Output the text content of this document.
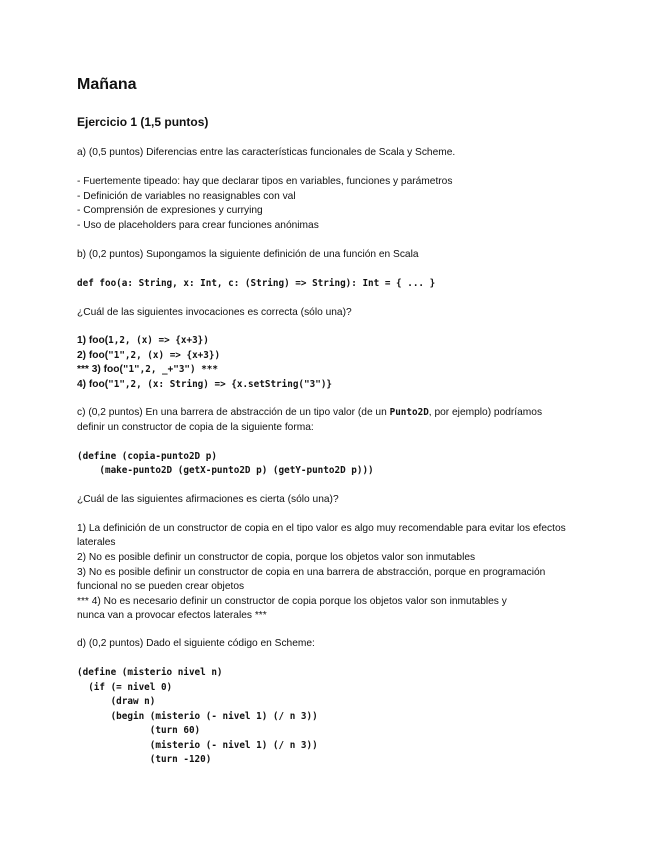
Mañana
Ejercicio 1 (1,5 puntos)
a) (0,5 puntos) Diferencias entre las características funcionales de Scala y Scheme.
- Fuertemente tipeado: hay que declarar tipos en variables, funciones y parámetros
- Definición de variables no reasignables con val
- Comprensión de expresiones y currying
- Uso de placeholders para crear funciones anónimas
b) (0,2 puntos) Supongamos la siguiente definición de una función en Scala
def foo(a: String, x: Int, c: (String) => String): Int = { ... }
¿Cuál de las siguientes invocaciones es correcta (sólo una)?
1) foo(1,2, (x) => {x+3})
2) foo("1",2, (x) => {x+3})
*** 3) foo("1",2, _+"3") ***
4) foo("1",2, (x: String) => {x.setString("3")}
c) (0,2 puntos) En una barrera de abstracción de un tipo valor (de un Punto2D, por ejemplo) podríamos
definir un constructor de copia de la siguiente forma:
(define (copia-punto2D p)
(make-punto2D (getX-punto2D p) (getY-punto2D p)))
¿Cuál de las siguientes afirmaciones es cierta (sólo una)?
1) La definición de un constructor de copia en el tipo valor es algo muy recomendable para evitar los efectos
laterales
2) No es posible definir un constructor de copia, porque los objetos valor son inmutables
3) No es posible definir un constructor de copia en una barrera de abstracción, porque en programación
funcional no se pueden crear objetos
*** 4) No es necesario definir un constructor de copia porque los objetos valor son inmutables y
nunca van a provocar efectos laterales ***
d) (0,2 puntos) Dado el siguiente código en Scheme:
(define (misterio nivel n)
(if (= nivel 0)
(draw n)
(begin (misterio (- nivel 1) (/ n 3))
(turn 60)
(misterio (- nivel 1) (/ n 3))
(turn -120)
